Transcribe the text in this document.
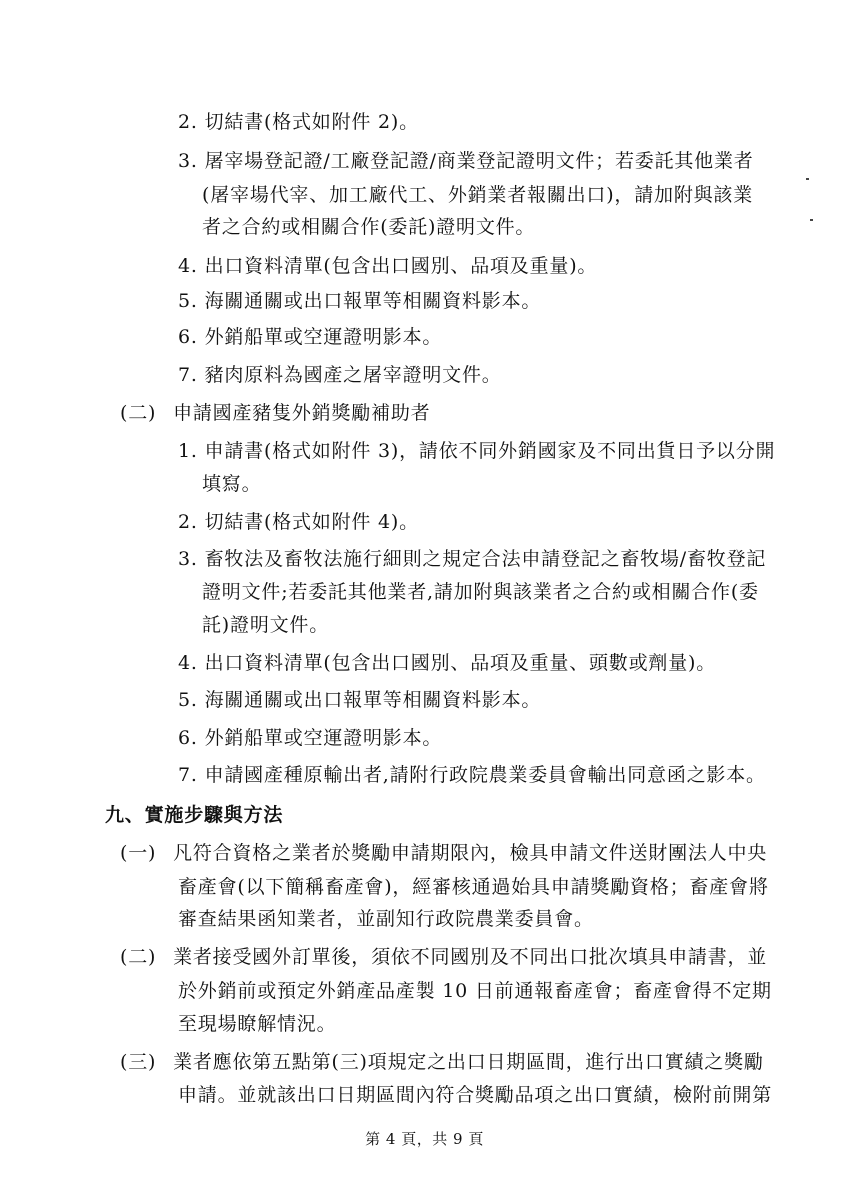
2. 切結書(格式如附件 2)。
3. 屠宰場登記證/工廠登記證/商業登記證明文件；若委託其他業者
(屠宰場代宰、加工廠代工、外銷業者報關出口)，請加附與該業
者之合約或相關合作(委託)證明文件。
4. 出口資料清單(包含出口國別、品項及重量)。
5. 海關通關或出口報單等相關資料影本。
6. 外銷船單或空運證明影本。
7. 豬肉原料為國產之屠宰證明文件。
(二) 申請國產豬隻外銷獎勵補助者
1. 申請書(格式如附件 3)，請依不同外銷國家及不同出貨日予以分開
填寫。
2. 切結書(格式如附件 4)。
3. 畜牧法及畜牧法施行細則之規定合法申請登記之畜牧場/畜牧登記
證明文件;若委託其他業者,請加附與該業者之合約或相關合作(委
託)證明文件。
4. 出口資料清單(包含出口國別、品項及重量、頭數或劑量)。
5. 海關通關或出口報單等相關資料影本。
6. 外銷船單或空運證明影本。
7. 申請國產種原輸出者,請附行政院農業委員會輸出同意函之影本。
九、實施步驟與方法
(一) 凡符合資格之業者於獎勵申請期限內，檢具申請文件送財團法人中央
畜產會(以下簡稱畜產會)，經審核通過始具申請獎勵資格；畜產會將
審查結果函知業者，並副知行政院農業委員會。
(二) 業者接受國外訂單後，須依不同國別及不同出口批次填具申請書，並
於外銷前或預定外銷產品產製 10 日前通報畜產會；畜產會得不定期
至現場瞭解情況。
(三) 業者應依第五點第(三)項規定之出口日期區間，進行出口實績之獎勵
申請。並就該出口日期區間內符合獎勵品項之出口實績，檢附前開第
第 4 頁，共 9 頁
